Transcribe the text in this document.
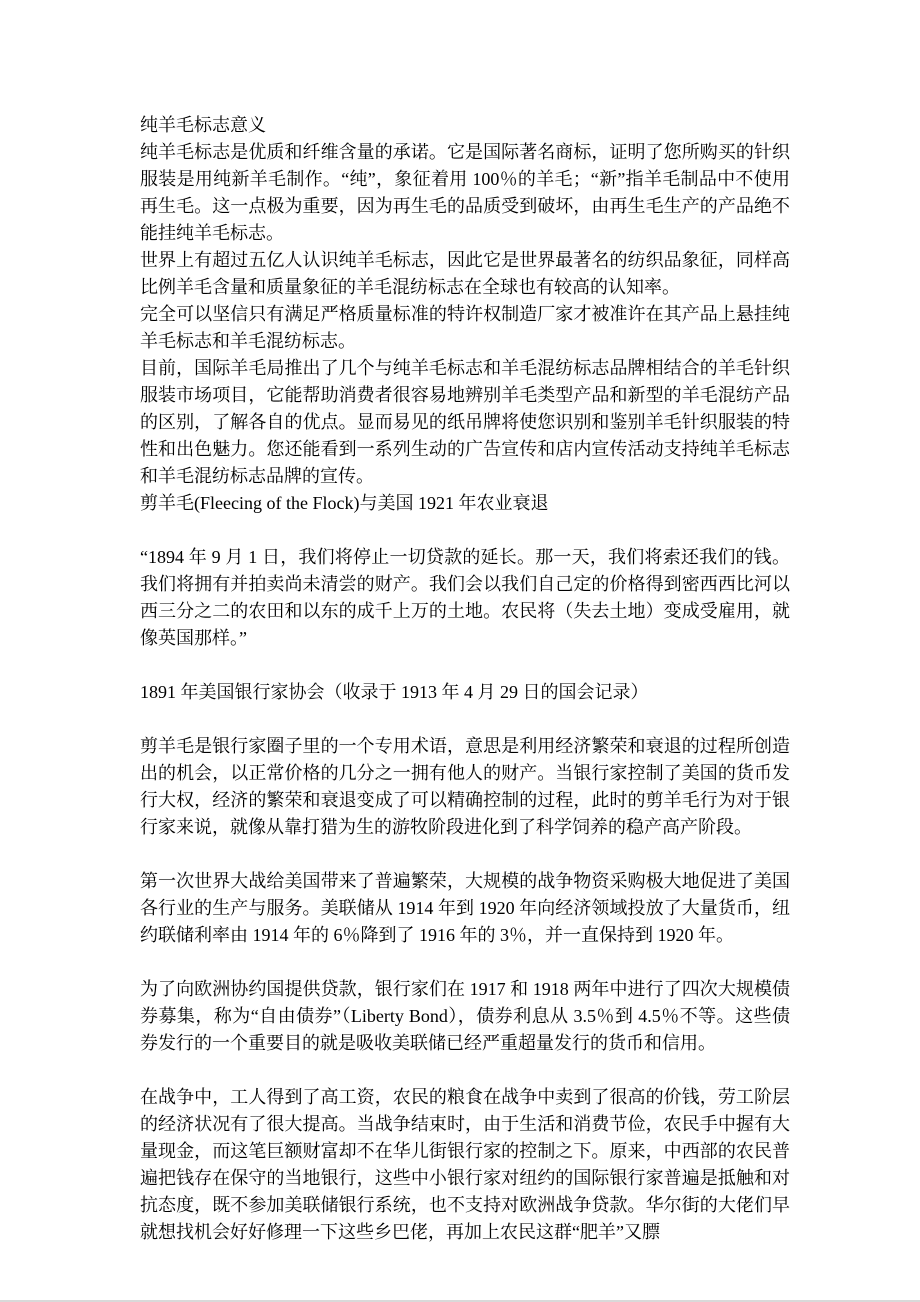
纯羊毛标志意义

纯羊毛标志是优质和纤维含量的承诺。它是国际著名商标，证明了您所购买的针织服装是用纯新羊毛制作。“纯”，象征着用 100％的羊毛；“新”指羊毛制品中不使用再生毛。这一点极为重要，因为再生毛的品质受到破坏，由再生毛生产的产品绝不能挂纯羊毛标志。

世界上有超过五亿人认识纯羊毛标志，因此它是世界最著名的纺织品象征，同样高比例羊毛含量和质量象征的羊毛混纺标志在全球也有较高的认知率。

完全可以坚信只有满足严格质量标准的特许权制造厂家才被准许在其产品上悬挂纯羊毛标志和羊毛混纺标志。

目前，国际羊毛局推出了几个与纯羊毛标志和羊毛混纺标志品牌相结合的羊毛针织服装市场项目，它能帮助消费者很容易地辨别羊毛类型产品和新型的羊毛混纺产品的区别，了解各自的优点。显而易见的纸吊牌将使您识别和鉴别羊毛针织服装的特性和出色魅力。您还能看到一系列生动的广告宣传和店内宣传活动支持纯羊毛标志和羊毛混纺标志品牌的宣传。

剪羊毛(Fleecing of the Flock)与美国 1921 年农业衰退

“1894 年 9 月 1 日，我们将停止一切贷款的延长。那一天，我们将索还我们的钱。我们将拥有并拍卖尚未清尝的财产。我们会以我们自己定的价格得到密西西比河以西三分之二的农田和以东的成千上万的土地。农民将（失去土地）变成受雇用，就像英国那样。”

1891 年美国银行家协会（收录于 1913 年 4 月 29 日的国会记录）

剪羊毛是银行家圈子里的一个专用术语，意思是利用经济繁荣和衰退的过程所创造出的机会，以正常价格的几分之一拥有他人的财产。当银行家控制了美国的货币发行大权，经济的繁荣和衰退变成了可以精确控制的过程，此时的剪羊毛行为对于银行家来说，就像从靠打猎为生的游牧阶段进化到了科学饲养的稳产高产阶段。

第一次世界大战给美国带来了普遍繁荣，大规模的战争物资采购极大地促进了美国各行业的生产与服务。美联储从 1914 年到 1920 年向经济领域投放了大量货币，纽约联储利率由 1914 年的 6％降到了 1916 年的 3％，并一直保持到 1920 年。

为了向欧洲协约国提供贷款，银行家们在 1917 和 1918 两年中进行了四次大规模债券募集，称为“自由债券”（Liberty Bond），债券利息从 3.5％到 4.5％不等。这些债券发行的一个重要目的就是吸收美联储已经严重超量发行的货币和信用。

在战争中，工人得到了高工资，农民的粮食在战争中卖到了很高的价钱，劳工阶层的经济状况有了很大提高。当战争结束时，由于生活和消费节俭，农民手中握有大量现金，而这笔巨额财富却不在华儿街银行家的控制之下。原来，中西部的农民普遍把钱存在保守的当地银行，这些中小银行家对纽约的国际银行家普遍是抵触和对抗态度，既不参加美联储银行系统，也不支持对欧洲战争贷款。华尔街的大佬们早就想找机会好好修理一下这些乡巴佬，再加上农民这群“肥羊”又膘
